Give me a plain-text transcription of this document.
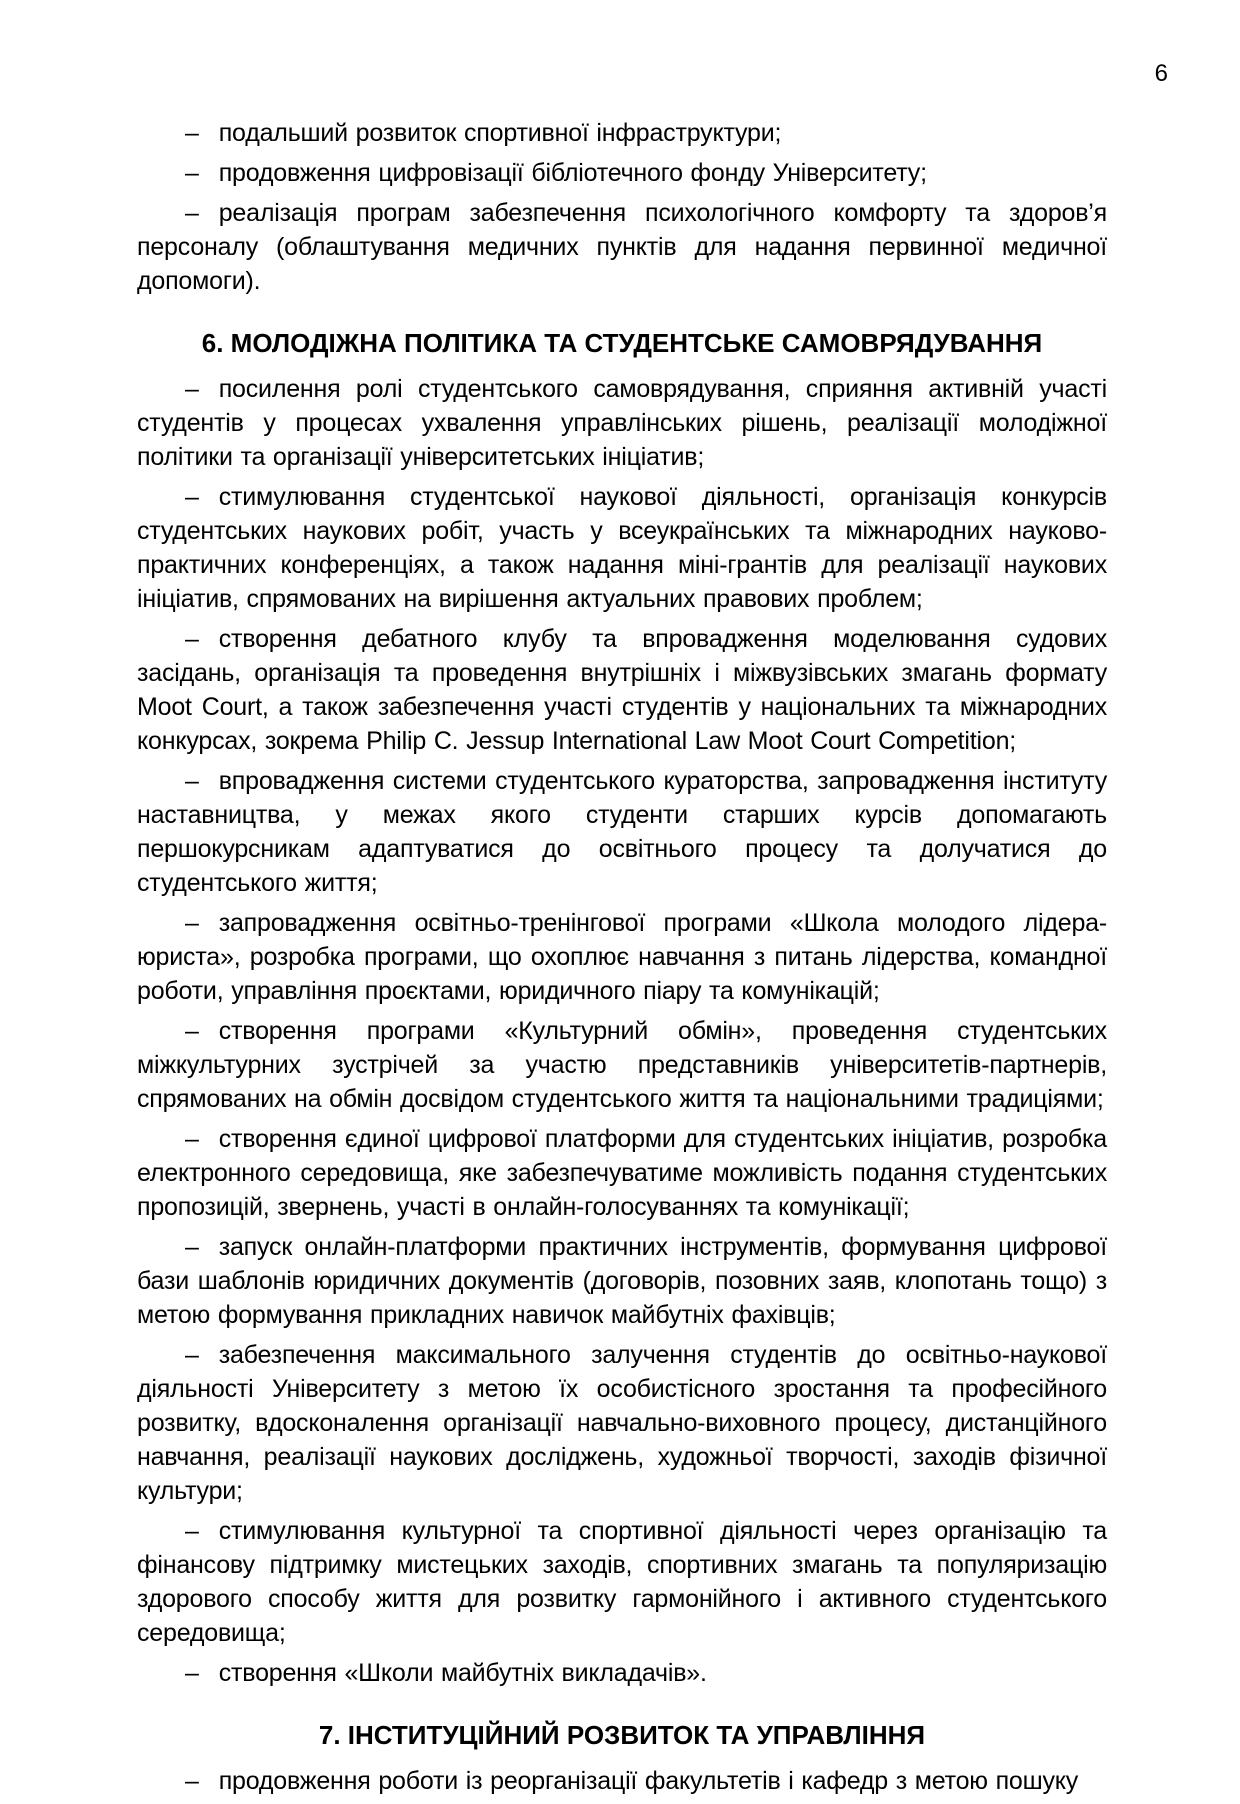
6

– подальший розвиток спортивної інфраструктури;

– продовження цифровізації бібліотечного фонду Університету;

– реалізація програм забезпечення психологічного комфорту та здоров’я персоналу (облаштування медичних пунктів для надання первинної медичної допомоги).

6. МОЛОДІЖНА ПОЛІТИКА ТА СТУДЕНТСЬКЕ САМОВРЯДУВАННЯ

– посилення ролі студентського самоврядування, сприяння активній участі студентів у процесах ухвалення управлінських рішень, реалізації молодіжної політики та організації університетських ініціатив;

– стимулювання студентської наукової діяльності, організація конкурсів студентських наукових робіт, участь у всеукраїнських та міжнародних науково-практичних конференціях, а також надання міні-грантів для реалізації наукових ініціатив, спрямованих на вирішення актуальних правових проблем;

– створення дебатного клубу та впровадження моделювання судових засідань, організація та проведення внутрішніх і міжвузівських змагань формату Moot Court, а також забезпечення участі студентів у національних та міжнародних конкурсах, зокрема Philip C. Jessup International Law Moot Court Competition;

– впровадження системи студентського кураторства, запровадження інституту наставництва, у межах якого студенти старших курсів допомагають першокурсникам адаптуватися до освітнього процесу та долучатися до студентського життя;

– запровадження освітньо-тренінгової програми «Школа молодого лідера-юриста», розробка програми, що охоплює навчання з питань лідерства, командної роботи, управління проєктами, юридичного піару та комунікацій;

– створення програми «Культурний обмін», проведення студентських міжкультурних зустрічей за участю представників університетів-партнерів, спрямованих на обмін досвідом студентського життя та національними традиціями;

– створення єдиної цифрової платформи для студентських ініціатив, розробка електронного середовища, яке забезпечуватиме можливість подання студентських пропозицій, звернень, участі в онлайн-голосуваннях та комунікації;

– запуск онлайн-платформи практичних інструментів, формування цифрової бази шаблонів юридичних документів (договорів, позовних заяв, клопотань тощо) з метою формування прикладних навичок майбутніх фахівців;

– забезпечення максимального залучення студентів до освітньо-наукової діяльності Університету з метою їх особистісного зростання та професійного розвитку, вдосконалення організації навчально-виховного процесу, дистанційного навчання, реалізації наукових досліджень, художньої творчості, заходів фізичної культури;

– стимулювання культурної та спортивної діяльності через організацію та фінансову підтримку мистецьких заходів, спортивних змагань та популяризацію здорового способу життя для розвитку гармонійного і активного студентського середовища;

– створення «Школи майбутніх викладачів».

7. ІНСТИТУЦІЙНИЙ РОЗВИТОК ТА УПРАВЛІННЯ

– продовження роботи із реорганізації факультетів і кафедр з метою пошуку
